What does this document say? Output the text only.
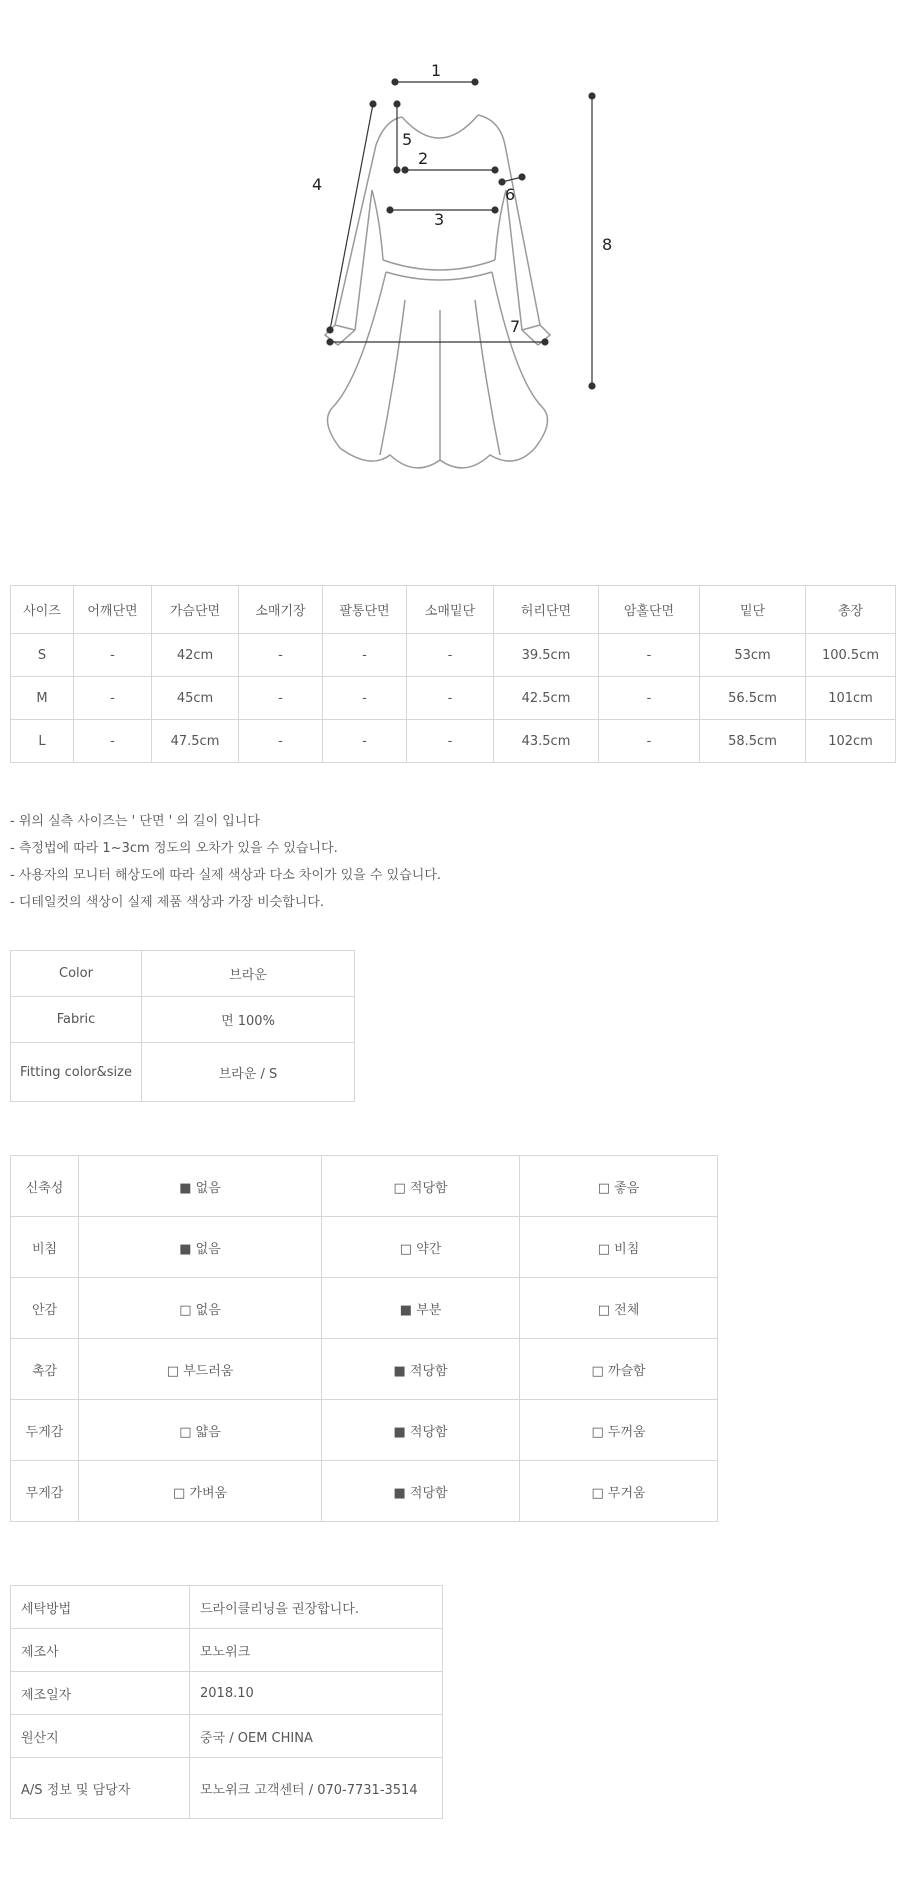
1
2
3
4
5
6
7
8
사이즈	어깨단면	가슴단면	소매기장	팔통단면	소매밑단	허리단면	암홀단면	밑단	총장
S	-	42cm	-	-	-	39.5cm	-	53cm	100.5cm
M	-	45cm	-	-	-	42.5cm	-	56.5cm	101cm
L	-	47.5cm	-	-	-	43.5cm	-	58.5cm	102cm
- 위의 실측 사이즈는 ' 단면 ' 의 길이 입니다
- 측정법에 따라 1~3cm 정도의 오차가 있을 수 있습니다.
- 사용자의 모니터 해상도에 따라 실제 색상과 다소 차이가 있을 수 있습니다.
- 디테일컷의 색상이 실제 제품 색상과 가장 비슷합니다.
Color	브라운
Fabric	면 100%
Fitting color&size	브라운 / S
신축성	■ 없음	□ 적당함	□ 좋음
비침	■ 없음	□ 약간	□ 비침
안감	□ 없음	■ 부분	□ 전체
촉감	□ 부드러움	■ 적당함	□ 까슬함
두게감	□ 얇음	■ 적당함	□ 두꺼움
무게감	□ 가벼움	■ 적당함	□ 무거움
세탁방법	드라이클리닝을 권장합니다.
제조사	모노위크
제조일자	2018.10
원산지	중국 / OEM CHINA
A/S 정보 및 담당자	모노위크 고객센터 / 070-7731-3514
